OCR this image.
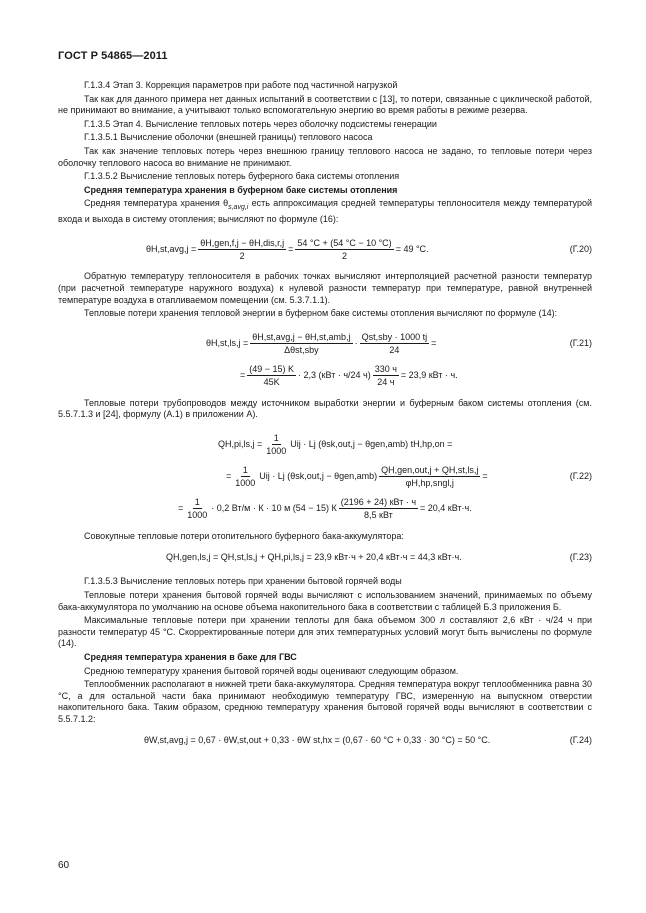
ГОСТ Р 54865—2011

Г.1.3.4 Этап 3. Коррекция параметров при работе под частичной нагрузкой

Так как для данного примера нет данных испытаний в соответствии с [13], то потери, связанные с циклической работой, не принимают во внимание, а учитывают только вспомогательную энергию во время работы в режиме резерва.

Г.1.3.5 Этап 4. Вычисление тепловых потерь через оболочку подсистемы генерации

Г.1.3.5.1 Вычисление оболочки (внешней границы) теплового насоса

Так как значение тепловых потерь через внешнюю границу теплового насоса не задано, то тепловые потери через оболочку теплового насоса во внимание не принимают.

Г.1.3.5.2 Вычисление тепловых потерь буферного бака системы отопления

Средняя температура хранения в буферном баке системы отопления

Средняя температура хранения $\theta_{s,avg,i}$ есть аппроксимация средней температуры теплоносителя между температурой входа и выхода в систему отопления; вычисляют по формуле (16):

$\theta H,st,avg,j = \frac{\text{θH,gen,f,j − θH,dis,r,j}}{2} = \frac{54 ^\circ C + (54 ^\circ C - 10 ^\circ C)}{2} = 49$ °C.	(Г.20)

Обратную температуру теплоносителя в рабочих точках вычисляют интерполяцией расчетной разности температур (при расчетной температуре наружного воздуха) к нулевой разности температур при температуре, равной внутренней температуре воздуха в отапливаемом помещении (см. 5.3.7.1.1).

Тепловые потери хранения тепловой энергии в буферном баке системы отопления вычисляют по формуле (14):

$\theta H,st,ls,j = \frac{\text{θH,st,avg,j − θH,st,amb,j}}{\text{Δθst,sby}} \cdot \frac{\text{Qst,sby · 1000 tj}}{24}$ =	(Г.21)
= $\frac{(49 - 15) K}{45K} \cdot 2,3$ (кВт · ч/24 $ч) \frac{330 ч}{24 ч} = 23,9$ кВт · ч.

Тепловые потери трубопроводов между источником выработки энергии и буферным баком системы отопления (см. 5.5.7.1.3 и [24], формулу (А.1) в приложении А).

$QH,pi,ls,j = \frac{1}{1000}$ Uij · Lj (θsk,out,j − θgen,amb) tH,hp,on =
= $\frac{1}{1000}$ Uij · Lj $(\theta sk,out,j - \theta gen,amb) \frac{\text{QH,gen,out,j + QH,st,ls,j}}{\text{φH,hp,sngl,j}}$ =	(Г.22)
= $\frac{1}{1000} \cdot 0,2$ Вт/м · К · 10 м (54 − 15) К $\frac{\text{(2196 + 24) кВт · ч}}{\text{8,5 кВт}} = 20,4$ кВт·ч.

Совокупные тепловые потери отопительного буферного бака-аккумулятора:

QH,gen,ls,j = QH,st,ls,j + QH,pi,ls,j = 23,9 кВт·ч + 20,4 кВт·ч = 44,3 кВт·ч.	(Г.23)

Г.1.3.5.3 Вычисление тепловых потерь при хранении бытовой горячей воды

Тепловые потери хранения бытовой горячей воды вычисляют с использованием значений, принимаемых по объему бака-аккумулятора по умолчанию на основе объема накопительного бака в соответствии с таблицей Б.3 приложения Б.

Максимальные тепловые потери при хранении теплоты для бака объемом 300 л составляют 2,6 кВт · ч/24 ч при разности температур 45 °С. Скорректированные потери для этих температурных условий могут быть вычислены по формуле (14).

Средняя температура хранения в баке для ГВС

Среднюю температуру хранения бытовой горячей воды оценивают следующим образом.

Теплообменник располагают в нижней трети бака-аккумулятора. Средняя температура вокруг теплообменника равна 30 °С, а для остальной части бака принимают необходимую температуру ГВС, измеренную на выпускном отверстии накопительного бака. Таким образом, среднюю температуру хранения бытовой горячей воды вычисляют в соответствии с 5.5.7.1.2:

θW,st,avg,j = 0,67 · θW,st,out + 0,33 · θW st,hx = (0,67 · 60 °С + 0,33 · 30 °С) = 50 °С.	(Г.24)
60
